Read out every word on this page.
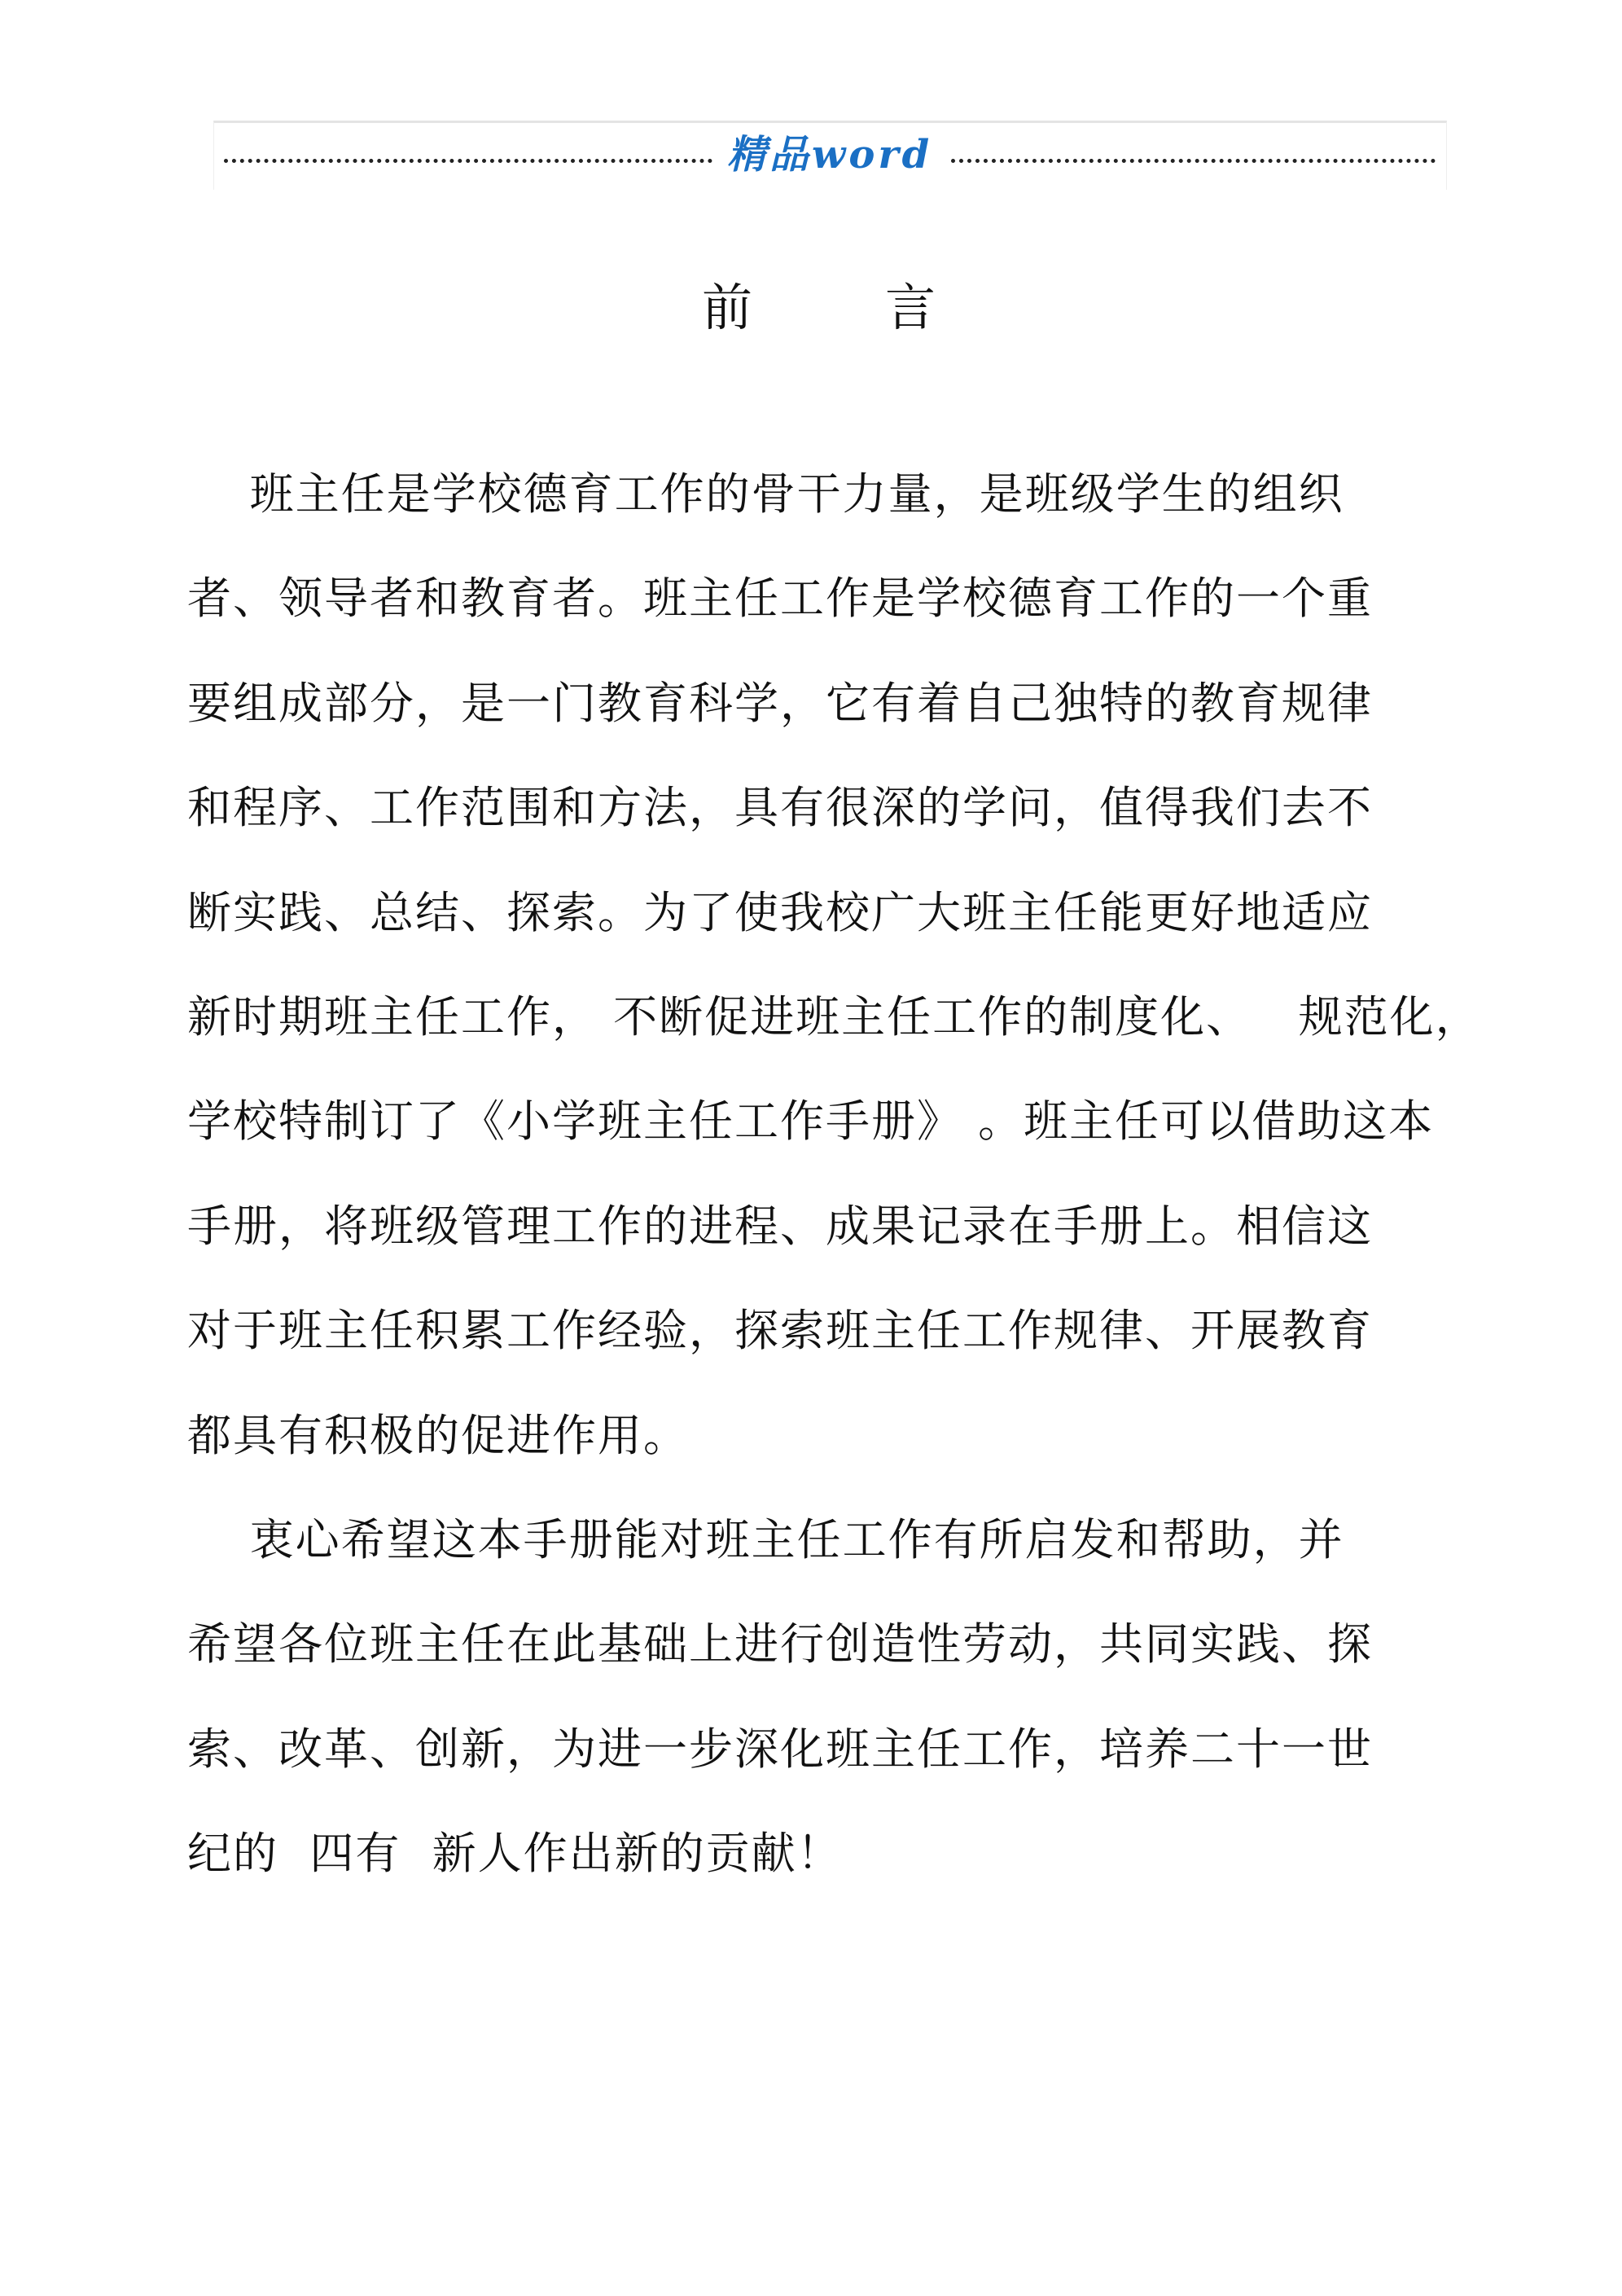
精品word
前	言
班主任是学校德育工作的骨干力量，是班级学生的组织
者、领导者和教育者。班主任工作是学校德育工作的一个重
要组成部分，是一门教育科学，它有着自己独特的教育规律
和程序、工作范围和方法，具有很深的学问，值得我们去不
断实践、总结、探索。为了使我校广大班主任能更好地适应
新时期班主任工作， 不断促进班主任工作的制度化、   规范化，
学校特制订了《小学班主任工作手册》 。班主任可以借助这本
手册，将班级管理工作的进程、成果记录在手册上。相信这
对于班主任积累工作经验，探索班主任工作规律、开展教育
都具有积极的促进作用。
衷心希望这本手册能对班主任工作有所启发和帮助，并
希望各位班主任在此基础上进行创造性劳动，共同实践、探
索、改革、创新，为进一步深化班主任工作，培养二十一世
纪的  四有  新人作出新的贡献！
